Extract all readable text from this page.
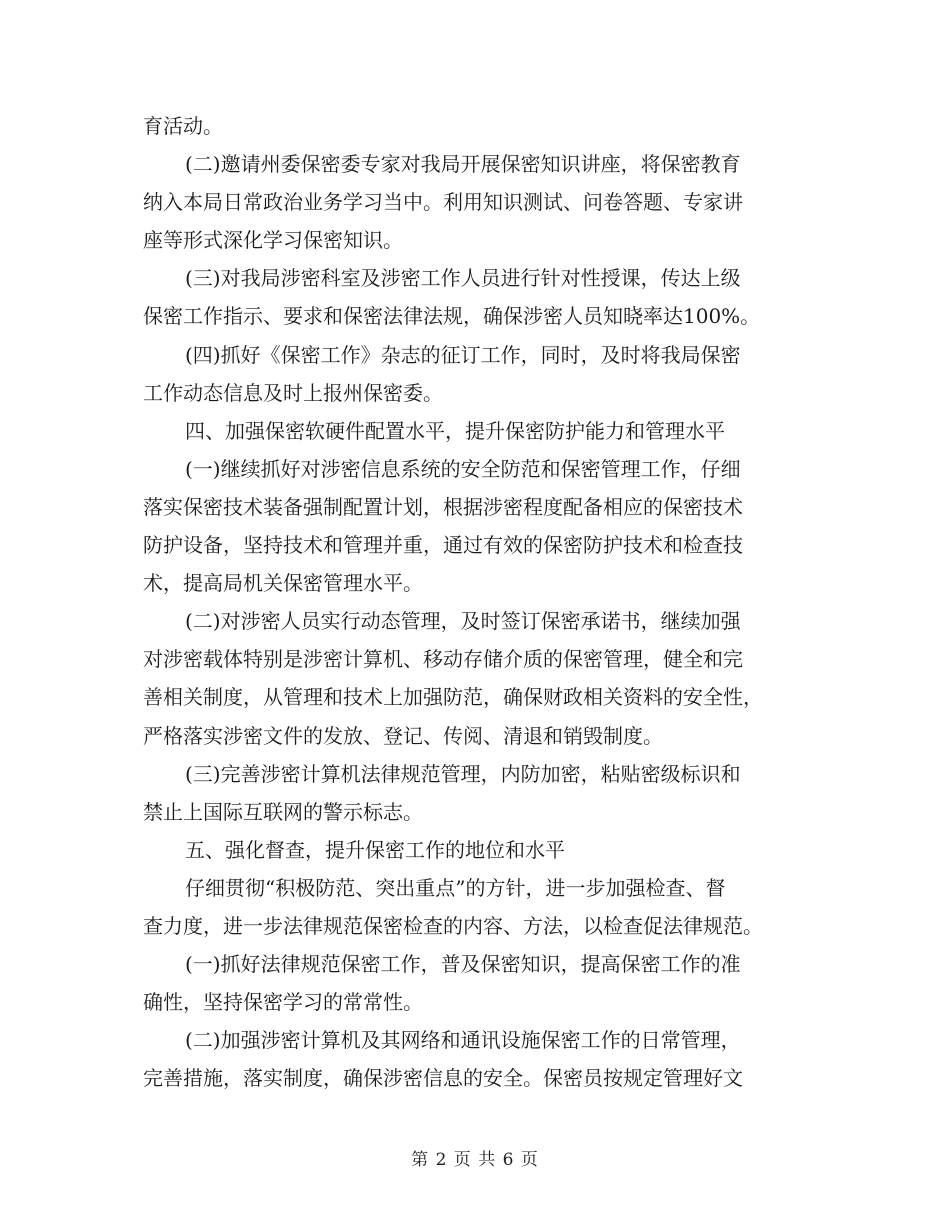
育活动。
(二)邀请州委保密委专家对我局开展保密知识讲座，将保密教育
纳入本局日常政治业务学习当中。利用知识测试、问卷答题、专家讲
座等形式深化学习保密知识。
(三)对我局涉密科室及涉密工作人员进行针对性授课，传达上级
保密工作指示、要求和保密法律法规，确保涉密人员知晓率达100%。
(四)抓好《保密工作》杂志的征订工作，同时，及时将我局保密
工作动态信息及时上报州保密委。
四、加强保密软硬件配置水平，提升保密防护能力和管理水平
(一)继续抓好对涉密信息系统的安全防范和保密管理工作，仔细
落实保密技术装备强制配置计划，根据涉密程度配备相应的保密技术
防护设备，坚持技术和管理并重，通过有效的保密防护技术和检查技
术，提高局机关保密管理水平。
(二)对涉密人员实行动态管理，及时签订保密承诺书，继续加强
对涉密载体特别是涉密计算机、移动存储介质的保密管理，健全和完
善相关制度，从管理和技术上加强防范，确保财政相关资料的安全性，
严格落实涉密文件的发放、登记、传阅、清退和销毁制度。
(三)完善涉密计算机法律规范管理，内防加密，粘贴密级标识和
禁止上国际互联网的警示标志。
五、强化督查，提升保密工作的地位和水平
仔细贯彻“积极防范、突出重点”的方针，进一步加强检查、督
查力度，进一步法律规范保密检查的内容、方法，以检查促法律规范。
(一)抓好法律规范保密工作，普及保密知识，提高保密工作的准
确性，坚持保密学习的常常性。
(二)加强涉密计算机及其网络和通讯设施保密工作的日常管理，
完善措施，落实制度，确保涉密信息的安全。保密员按规定管理好文
第 2 页 共 6 页
